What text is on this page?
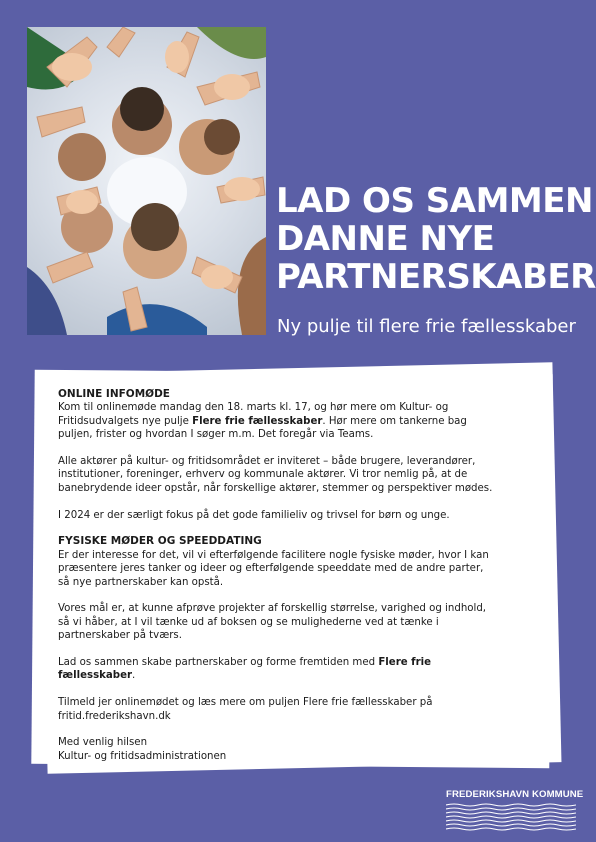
LAD OS SAMMEN
DANNE NYE
PARTNERSKABER

Ny pulje til flere frie fællesskaber

ONLINE INFOMØDE

Kom til onlinemøde mandag den 18. marts kl. 17, og hør mere om Kultur- og Fritidsudvalgets nye pulje Flere frie fællesskaber. Hør mere om tankerne bag puljen, frister og hvordan I søger m.m. Det foregår via Teams.

Alle aktører på kultur- og fritidsområdet er inviteret – både brugere, leverandører, institutioner, foreninger, erhverv og kommunale aktører. Vi tror nemlig på, at de banebrydende ideer opstår, når forskellige aktører, stemmer og perspektiver mødes.

I 2024 er der særligt fokus på det gode familieliv og trivsel for børn og unge.

FYSISKE MØDER OG SPEEDDATING

Er der interesse for det, vil vi efterfølgende facilitere nogle fysiske møder, hvor I kan præsentere jeres tanker og ideer og efterfølgende speeddate med de andre parter, så nye partnerskaber kan opstå.

Vores mål er, at kunne afprøve projekter af forskellig størrelse, varighed og indhold, så vi håber, at I vil tænke ud af boksen og se mulighederne ved at tænke i partnerskaber på tværs.

Lad os sammen skabe partnerskaber og forme fremtiden med Flere frie fællesskaber.

Tilmeld jer onlinemødet og læs mere om puljen Flere frie fællesskaber på
fritid.frederikshavn.dk

Med venlig hilsen
Kultur- og fritidsadministrationen

FREDERIKSHAVN KOMMUNE
